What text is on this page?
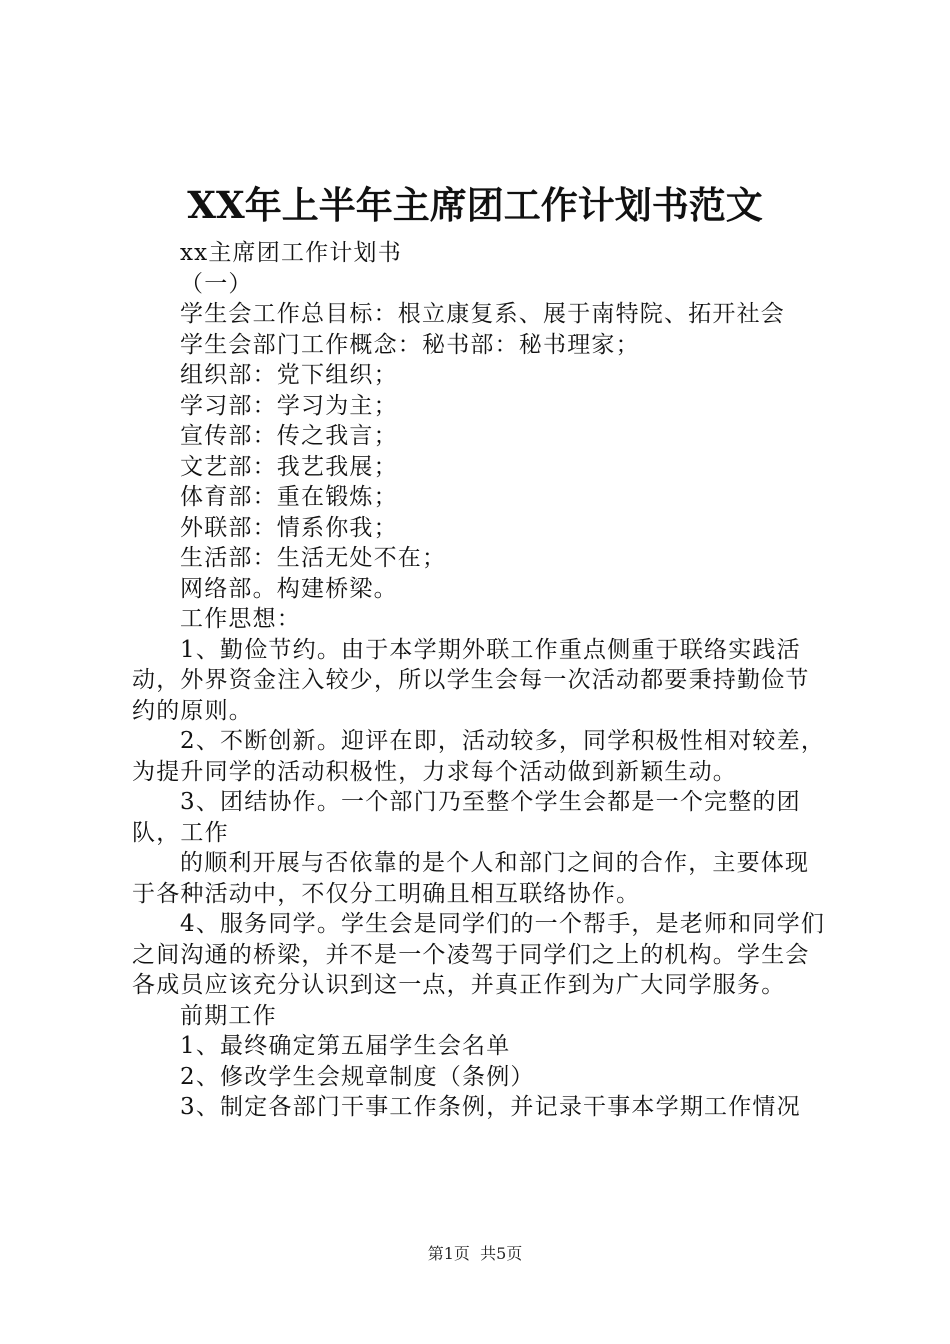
XX年上半年主席团工作计划书范文

xx主席团工作计划书

（一）

学生会工作总目标：根立康复系、展于南特院、拓开社会

学生会部门工作概念：秘书部：秘书理家；

组织部：党下组织；

学习部：学习为主；

宣传部：传之我言；

文艺部：我艺我展；

体育部：重在锻炼；

外联部：情系你我；

生活部：生活无处不在；

网络部。构建桥梁。

工作思想：

1、勤俭节约。由于本学期外联工作重点侧重于联络实践活动，外界资金注入较少，所以学生会每一次活动都要秉持勤俭节约的原则。

2、不断创新。迎评在即，活动较多，同学积极性相对较差，为提升同学的活动积极性，力求每个活动做到新颖生动。

3、团结协作。一个部门乃至整个学生会都是一个完整的团队，工作

的顺利开展与否依靠的是个人和部门之间的合作，主要体现于各种活动中，不仅分工明确且相互联络协作。

4、服务同学。学生会是同学们的一个帮手，是老师和同学们之间沟通的桥梁，并不是一个凌驾于同学们之上的机构。学生会各成员应该充分认识到这一点，并真正作到为广大同学服务。

前期工作

1、最终确定第五届学生会名单

2、修改学生会规章制度（条例）

3、制定各部门干事工作条例，并记录干事本学期工作情况

第1页  共5页
